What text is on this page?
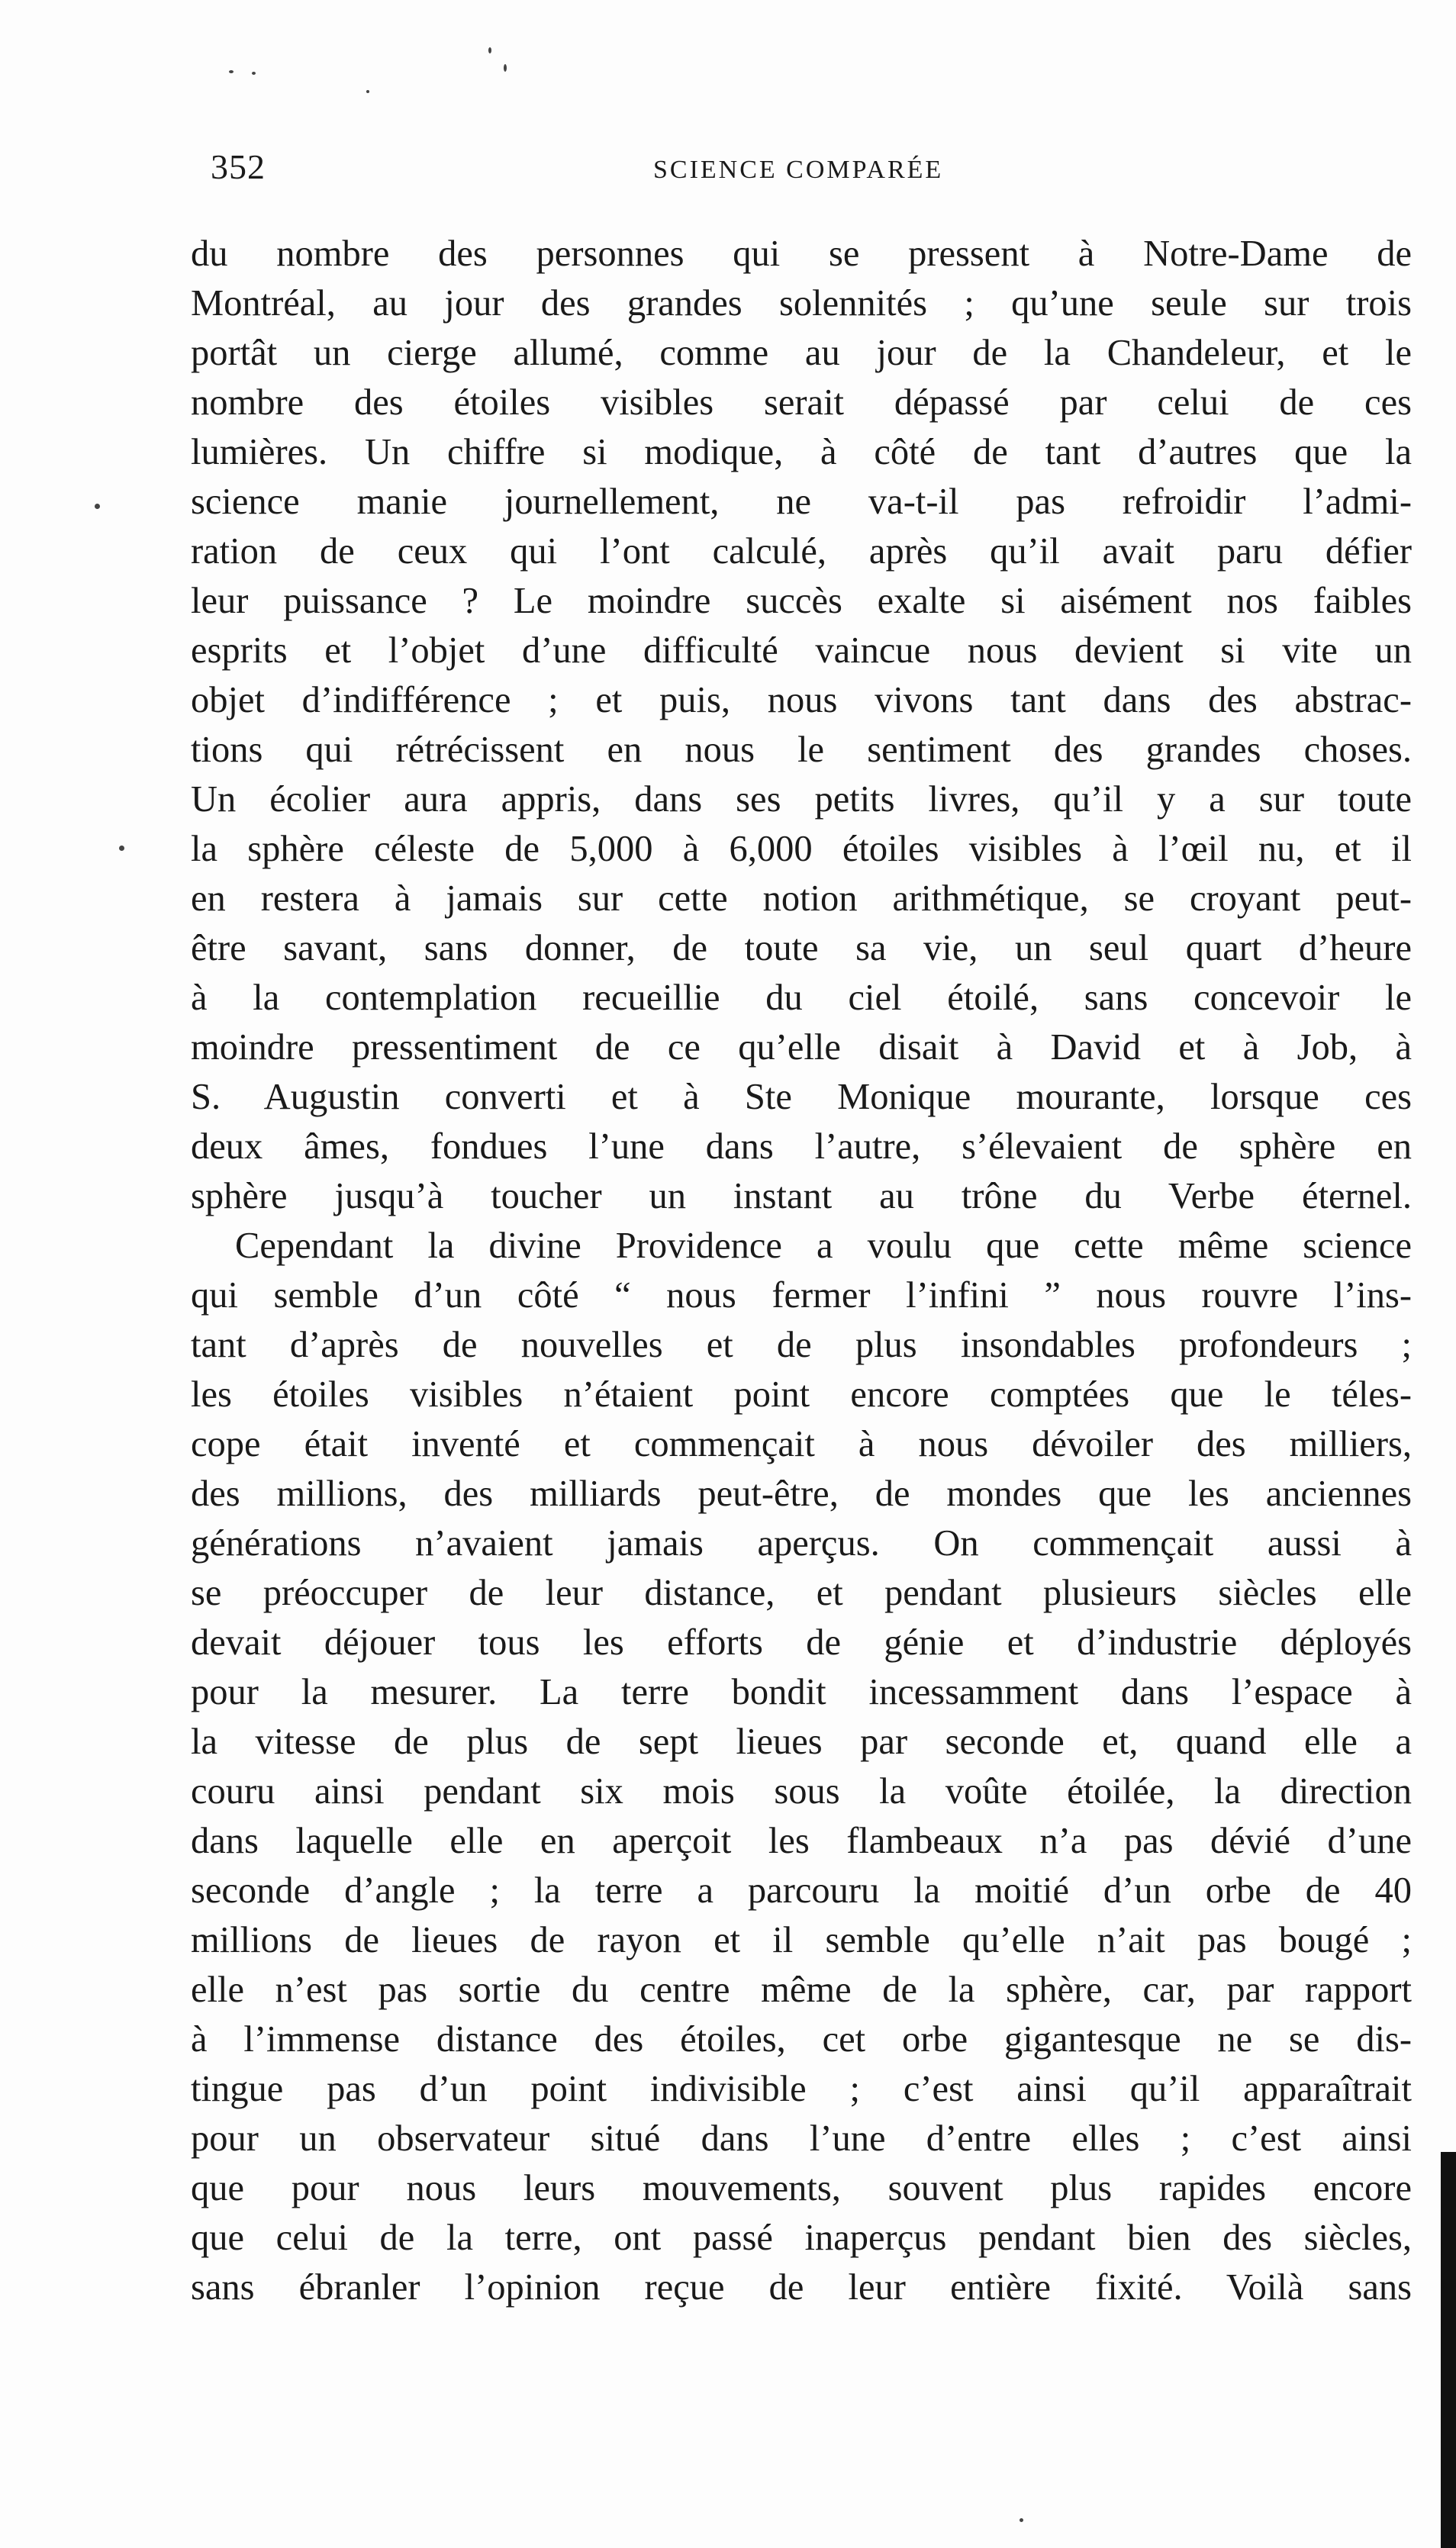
352	SCIENCE COMPARÉE
du nombre des personnes qui se pressent à Notre-Dame de
Montréal, au jour des grandes solennités ; qu’une seule sur trois
portât un cierge allumé, comme au jour de la Chandeleur, et le
nombre des étoiles visibles serait dépassé par celui de ces
lumières. Un chiffre si modique, à côté de tant d’autres que la
science manie journellement, ne va-t-il pas refroidir l’admi-
ration de ceux qui l’ont calculé, après qu’il avait paru défier
leur puissance ? Le moindre succès exalte si aisément nos faibles
esprits et l’objet d’une difficulté vaincue nous devient si vite un
objet d’indifférence ; et puis, nous vivons tant dans des abstrac-
tions qui rétrécissent en nous le sentiment des grandes choses.
Un écolier aura appris, dans ses petits livres, qu’il y a sur toute
la sphère céleste de 5,000 à 6,000 étoiles visibles à l’œil nu, et il
en restera à jamais sur cette notion arithmétique, se croyant peut-
être savant, sans donner, de toute sa vie, un seul quart d’heure
à la contemplation recueillie du ciel étoilé, sans concevoir le
moindre pressentiment de ce qu’elle disait à David et à Job, à
S. Augustin converti et à Ste Monique mourante, lorsque ces
deux âmes, fondues l’une dans l’autre, s’élevaient de sphère en
sphère jusqu’à toucher un instant au trône du Verbe éternel.
Cependant la divine Providence a voulu que cette même science
qui semble d’un côté “ nous fermer l’infini ” nous rouvre l’ins-
tant d’après de nouvelles et de plus insondables profondeurs ;
les étoiles visibles n’étaient point encore comptées que le téles-
cope était inventé et commençait à nous dévoiler des milliers,
des millions, des milliards peut-être, de mondes que les anciennes
générations n’avaient jamais aperçus. On commençait aussi à
se préoccuper de leur distance, et pendant plusieurs siècles elle
devait déjouer tous les efforts de génie et d’industrie déployés
pour la mesurer. La terre bondit incessamment dans l’espace à
la vitesse de plus de sept lieues par seconde et, quand elle a
couru ainsi pendant six mois sous la voûte étoilée, la direction
dans laquelle elle en aperçoit les flambeaux n’a pas dévié d’une
seconde d’angle ; la terre a parcouru la moitié d’un orbe de 40
millions de lieues de rayon et il semble qu’elle n’ait pas bougé ;
elle n’est pas sortie du centre même de la sphère, car, par rapport
à l’immense distance des étoiles, cet orbe gigantesque ne se dis-
tingue pas d’un point indivisible ; c’est ainsi qu’il apparaîtrait
pour un observateur situé dans l’une d’entre elles ; c’est ainsi
que pour nous leurs mouvements, souvent plus rapides encore
que celui de la terre, ont passé inaperçus pendant bien des siècles,
sans ébranler l’opinion reçue de leur entière fixité. Voilà sans
